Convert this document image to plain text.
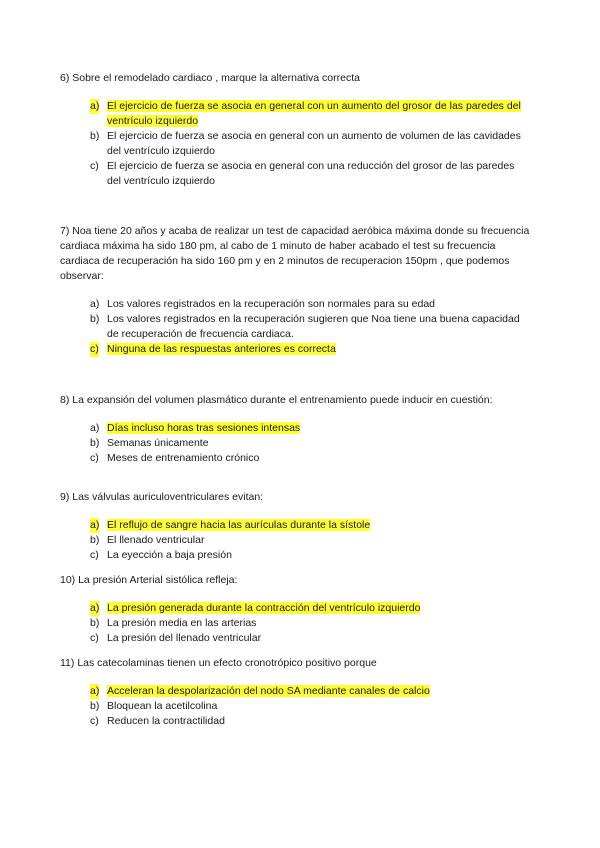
6) Sobre el remodelado cardiaco , marque la alternativa correcta

a) El ejercicio de fuerza se asocia en general con un aumento del grosor de las paredes del ventrículo izquierdo
b) El ejercicio de fuerza se asocia en general con un aumento de volumen de las cavidades del ventrículo izquierdo
c) El ejercicio de fuerza se asocia en general con una reducción del grosor de las paredes del ventrículo izquierdo

7) Noa tiene 20 años y acaba de realizar un test de capacidad aeróbica máxima donde su frecuencia cardiaca máxima ha sido 180 pm, al cabo de 1 minuto de haber acabado el test su frecuencia cardiaca de recuperación ha sido 160 pm y en 2 minutos de recuperacion 150pm , que podemos observar:

a) Los valores registrados en la recuperación son normales para su edad
b) Los valores registrados en la recuperación sugieren que Noa tiene una buena capacidad de recuperación de frecuencia cardiaca.
c) Ninguna de las respuestas anteriores es correcta

8) La expansión del volumen plasmático durante el entrenamiento puede inducir en cuestión:

a) Días incluso horas tras sesiones intensas
b) Semanas únicamente
c) Meses de entrenamiento crónico

9) Las válvulas auriculoventriculares evitan:

a) El reflujo de sangre hacia las aurículas durante la sístole
b) El llenado ventricular
c) La eyección a baja presión

10) La presión Arterial sistólica refleja:

a) La presión generada durante la contracción del ventrículo izquierdo
b) La presión media en las arterias
c) La presión del llenado ventricular

11) Las catecolaminas tienen un efecto cronotrópico positivo porque

a) Acceleran la despolarización del nodo SA mediante canales de calcio
b) Bloquean la acetilcolina
c) Reducen la contractilidad
